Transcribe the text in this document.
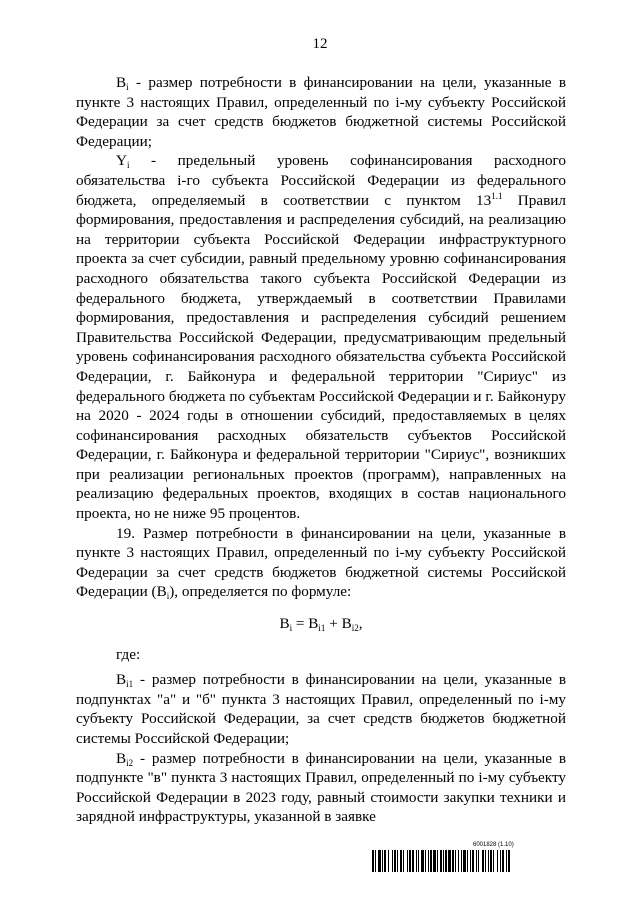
12

$B_i$ - размер потребности в финансировании на цели, указанные в пункте 3 настоящих Правил, определенный по i-му субъекту Российской Федерации за счет средств бюджетов бюджетной системы Российской Федерации;

$Y_i$ - предельный уровень софинансирования расходного обязательства i-го субъекта Российской Федерации из федерального бюджета, определяемый в соответствии с пунктом $13^{1.1}$ Правил формирования, предоставления и распределения субсидий, на реализацию на территории субъекта Российской Федерации инфраструктурного проекта за счет субсидии, равный предельному уровню софинансирования расходного обязательства такого субъекта Российской Федерации из федерального бюджета, утверждаемый в соответствии Правилами формирования, предоставления и распределения субсидий решением Правительства Российской Федерации, предусматривающим предельный уровень софинансирования расходного обязательства субъекта Российской Федерации, г. Байконура и федеральной территории "Сириус" из федерального бюджета по субъектам Российской Федерации и г. Байконуру на 2020 - 2024 годы в отношении субсидий, предоставляемых в целях софинансирования расходных обязательств субъектов Российской Федерации, г. Байконура и федеральной территории "Сириус", возникших при реализации региональных проектов (программ), направленных на реализацию федеральных проектов, входящих в состав национального проекта, но не ниже 95 процентов.

19. Размер потребности в финансировании на цели, указанные в пункте 3 настоящих Правил, определенный по i-му субъекту Российской Федерации за счет средств бюджетов бюджетной системы Российской Федерации $(B_i)$, определяется по формуле:

$B_i = B_{i1} + B_{i2}$,

где:

$B_{i1}$ - размер потребности в финансировании на цели, указанные в подпунктах "а" и "б" пункта 3 настоящих Правил, определенный по i-му субъекту Российской Федерации, за счет средств бюджетов бюджетной системы Российской Федерации;

$B_{i2}$ - размер потребности в финансировании на цели, указанные в подпункте "в" пункта 3 настоящих Правил, определенный по i-му субъекту Российской Федерации в 2023 году, равный стоимости закупки техники и зарядной инфраструктуры, указанной в заявке

6001828 (1.10)
